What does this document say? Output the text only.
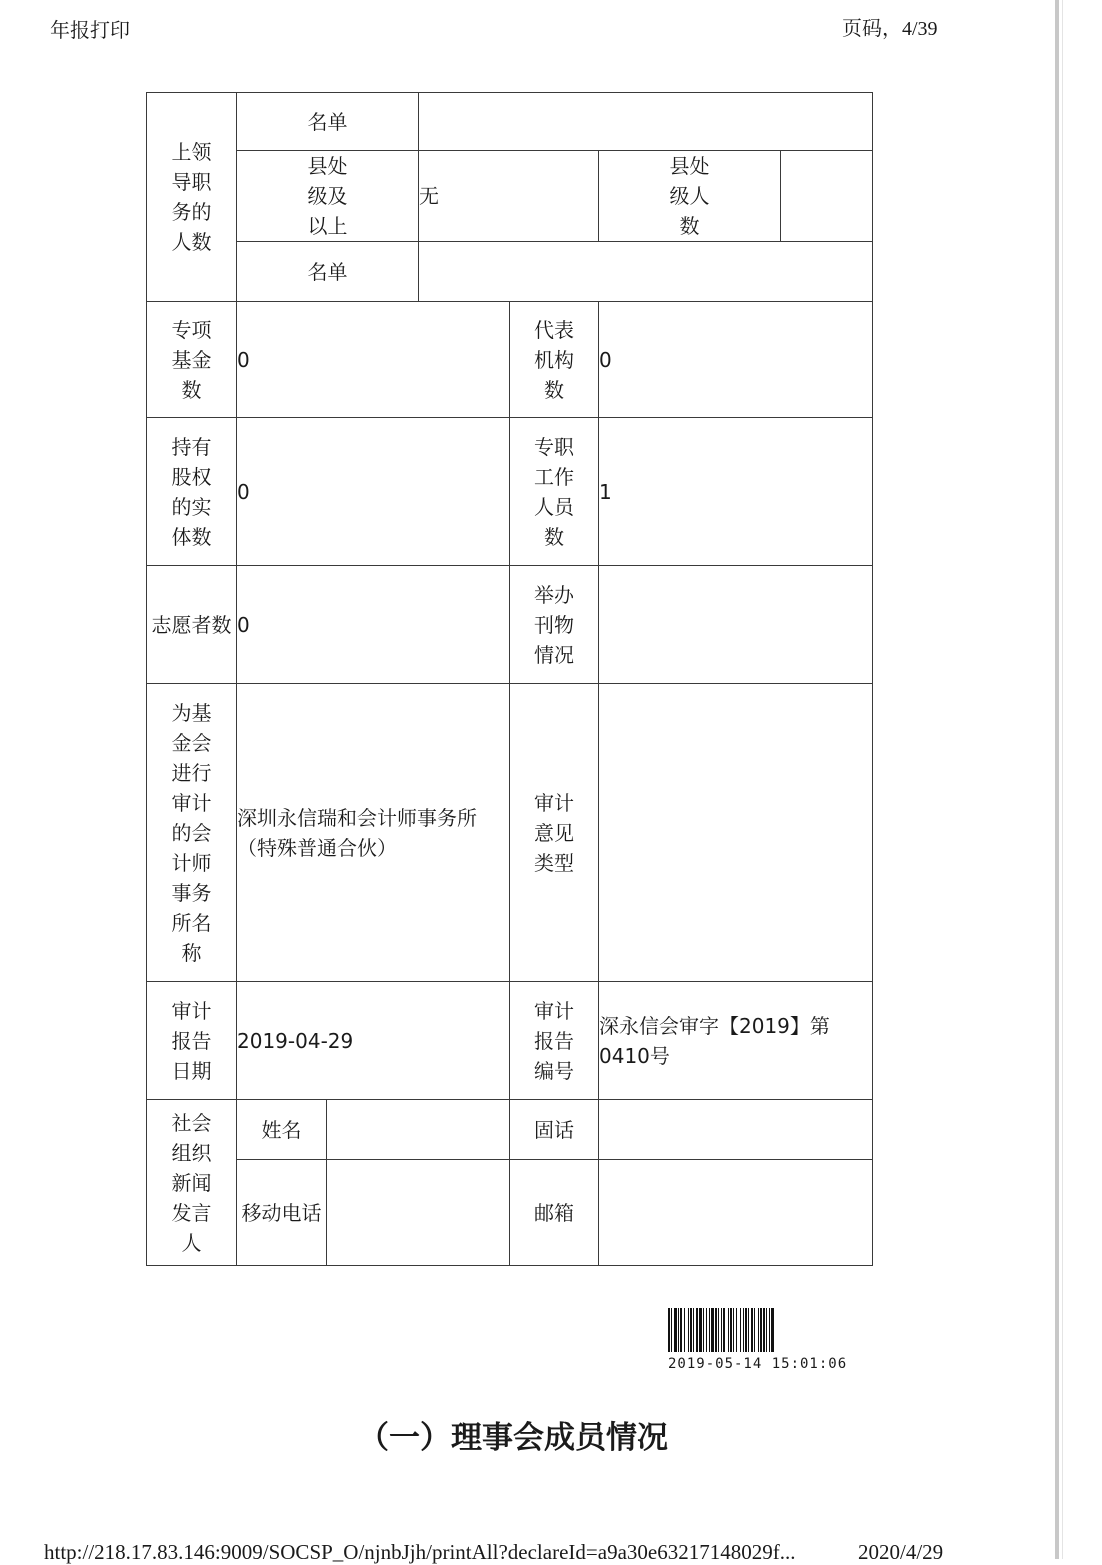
年报打印	页码，4/39
上领导职务的人数	名单					

	县处级及以上		无		县处级人数	

	名单					

专项基金数	0			代表机构数	0	

持有股权的实体数	0			专职工作人员数	1	
志愿者数	0			举办刊物情况		

为基金会进行审计的会计师事务所名称	深圳永信瑞和会计师事务所（特殊普通合伙）			审计意见类型		

审计报告日期	2019-04-29			审计报告编号	深永信会审字【2019】第0410号	

社会组织新闻发言人	姓名			固话		
	移动电话			邮箱		
2019-05-14 15:01:06
（一）理事会成员情况
http://218.17.83.146:9009/SOCSP_O/njnbJjh/printAll?declareId=a9a30e63217148029f...	2020/4/29
